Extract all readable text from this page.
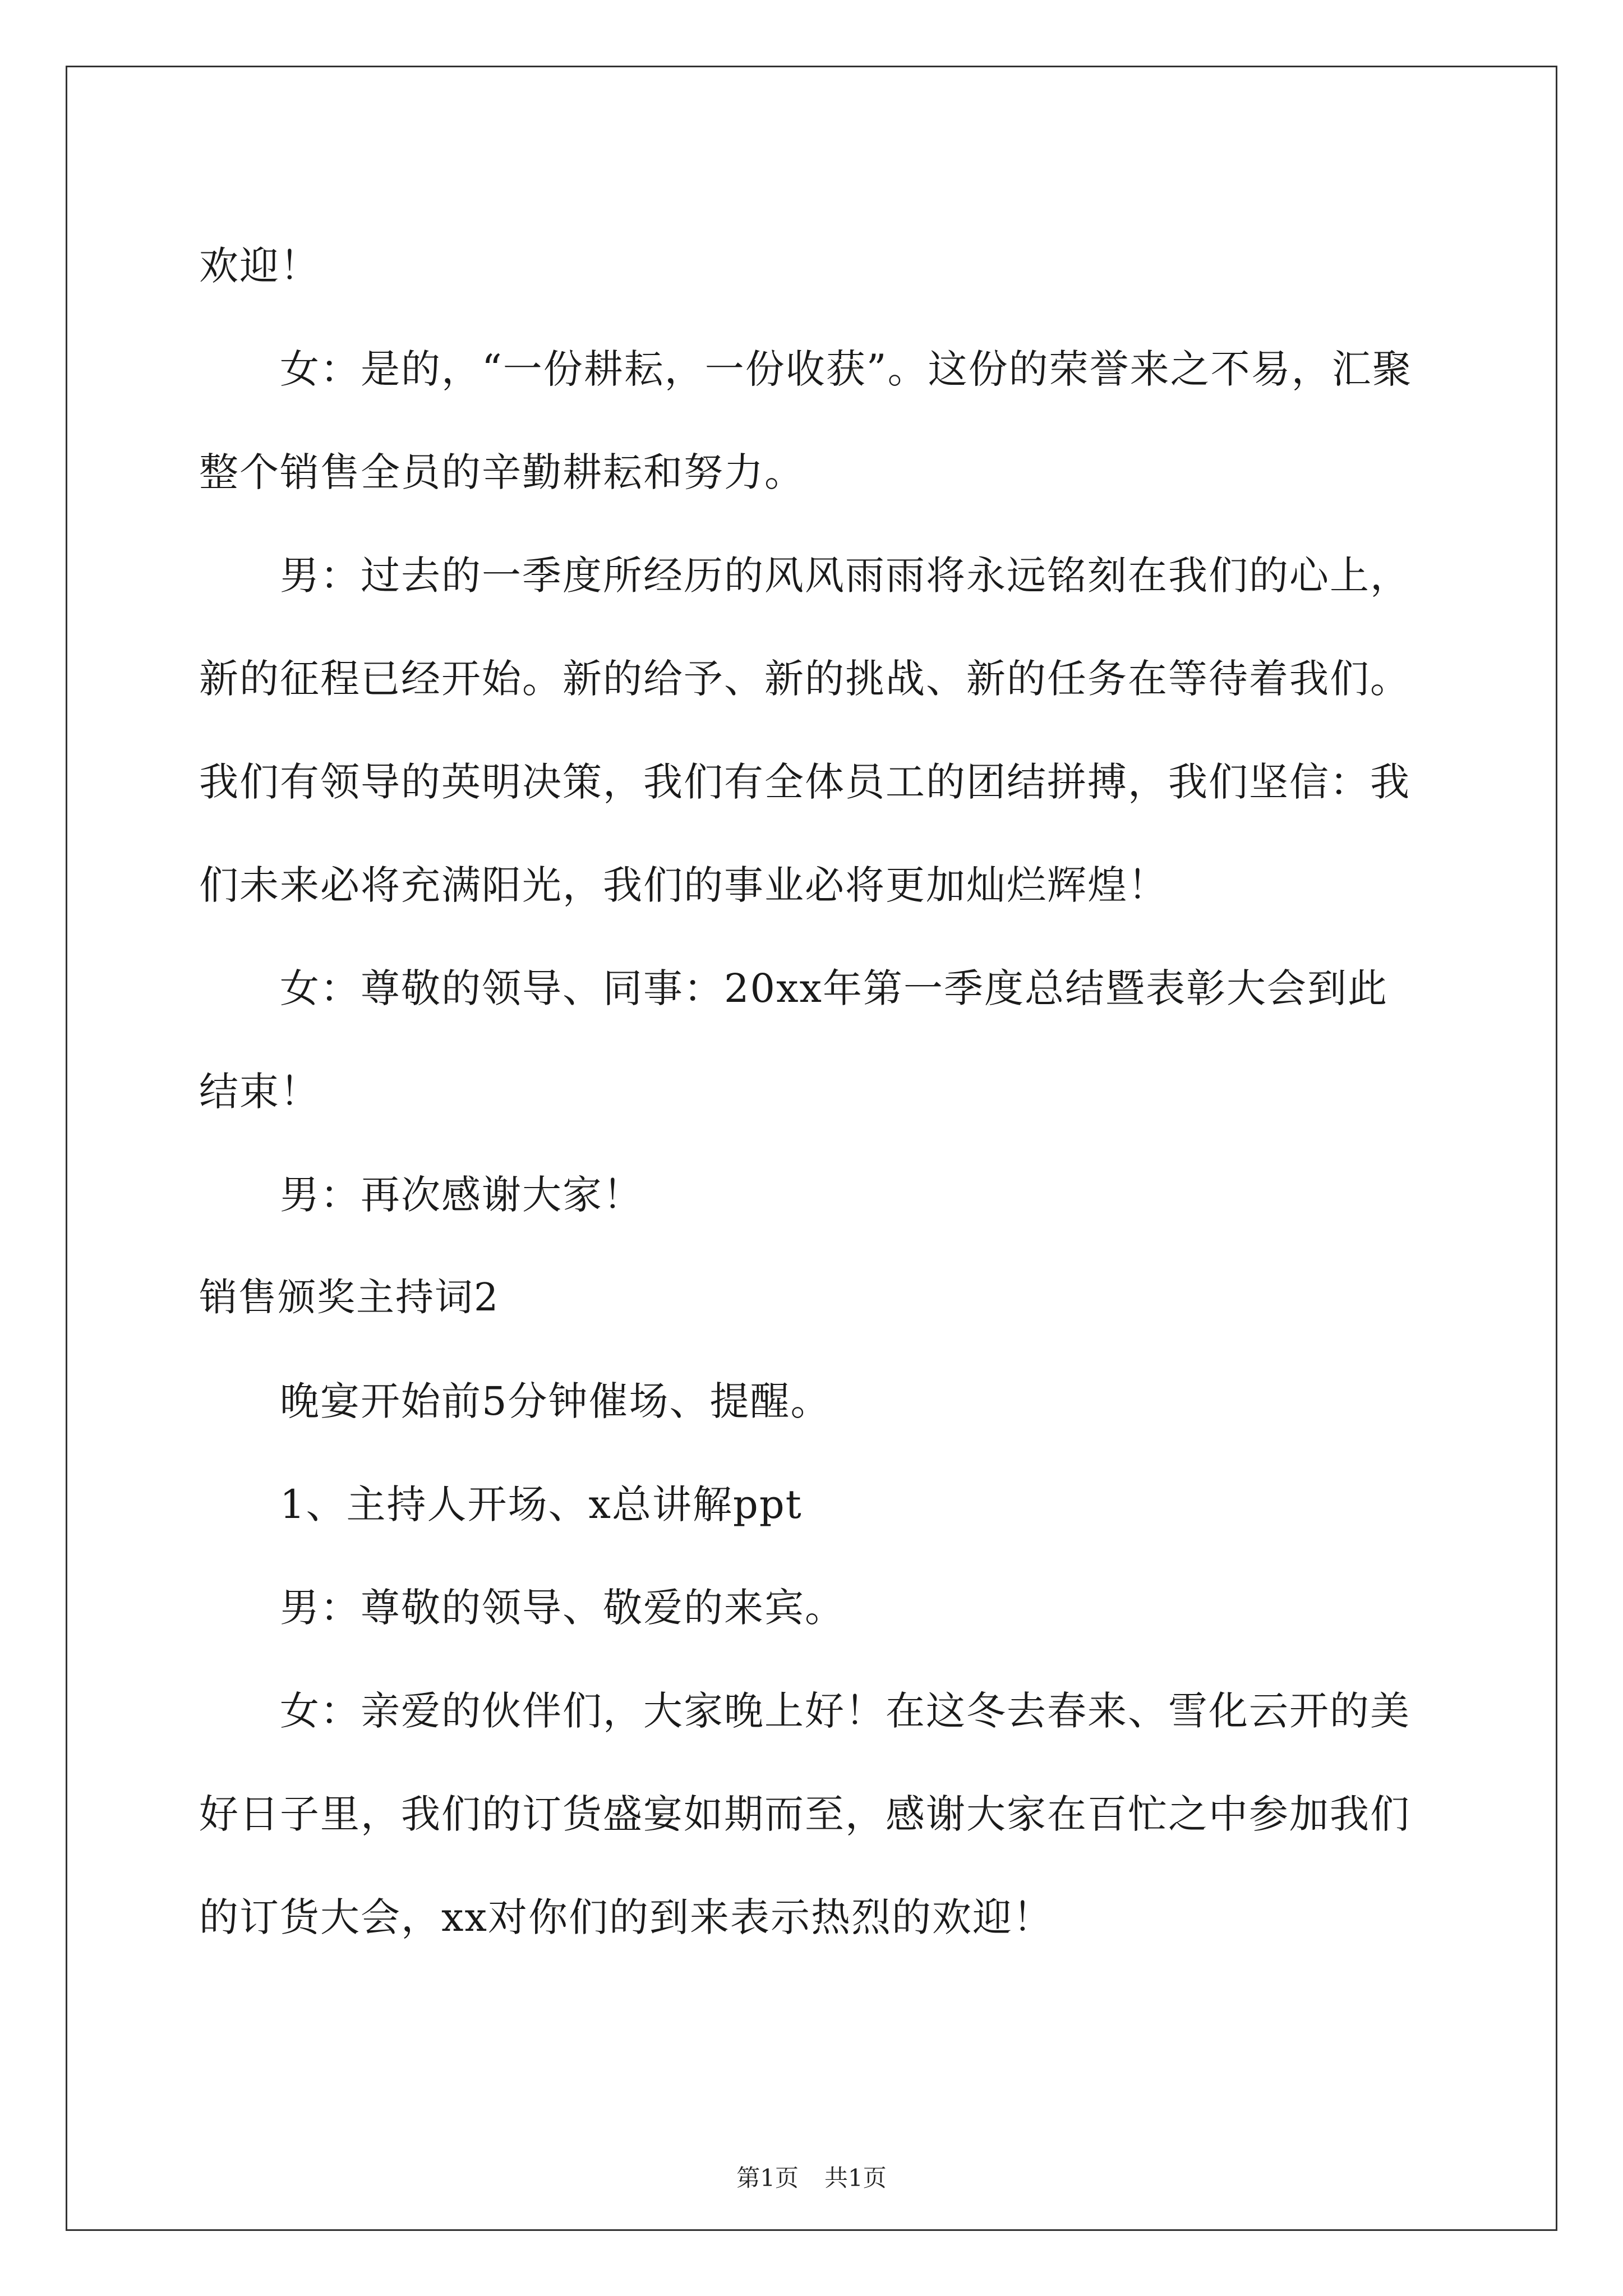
欢迎！

女：是的，“一份耕耘，一份收获”。这份的荣誉来之不易，汇聚整个销售全员的辛勤耕耘和努力。

男：过去的一季度所经历的风风雨雨将永远铭刻在我们的心上，新的征程已经开始。新的给予、新的挑战、新的任务在等待着我们。我们有领导的英明决策，我们有全体员工的团结拼搏，我们坚信：我们未来必将充满阳光，我们的事业必将更加灿烂辉煌！

女：尊敬的领导、同事：20xx年第一季度总结暨表彰大会到此结束！

男：再次感谢大家！

销售颁奖主持词2

晚宴开始前5分钟催场、提醒。

1、主持人开场、x总讲解ppt

男：尊敬的领导、敬爱的来宾。

女：亲爱的伙伴们，大家晚上好！在这冬去春来、雪化云开的美好日子里，我们的订货盛宴如期而至，感谢大家在百忙之中参加我们的订货大会，xx对你们的到来表示热烈的欢迎！

第1页 共1页
